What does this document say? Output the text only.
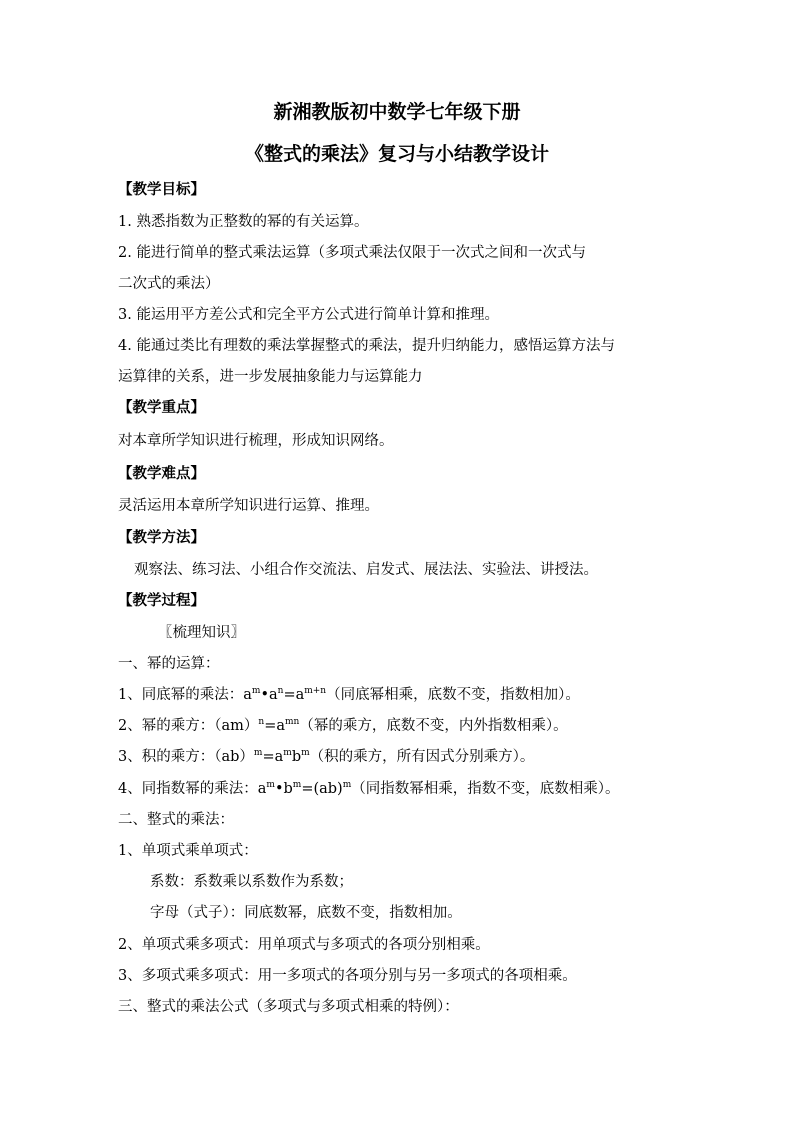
新湘教版初中数学七年级下册
《整式的乘法》复习与小结教学设计
【教学目标】
1. 熟悉指数为正整数的幂的有关运算。
2. 能进行简单的整式乘法运算（多项式乘法仅限于一次式之间和一次式与
二次式的乘法）
3. 能运用平方差公式和完全平方公式进行简单计算和推理。
4. 能通过类比有理数的乘法掌握整式的乘法，提升归纳能力，感悟运算方法与
运算律的关系，进一步发展抽象能力与运算能力
【教学重点】
对本章所学知识进行梳理，形成知识网络。
【教学难点】
灵活运用本章所学知识进行运算、推理。
【教学方法】
观察法、练习法、小组合作交流法、启发式、展法法、实验法、讲授法。
【教学过程】
〖梳理知识〗
一、幂的运算：
1、同底幂的乘法：$a^m•a^n=a^{m+n}$（同底幂相乘，底数不变，指数相加）。
2、幂的乘方：$(am)^n=a^{mn}$（幂的乘方，底数不变，内外指数相乘）。
3、积的乘方：$(ab)^m=a^mb^m$（积的乘方，所有因式分别乘方）。
4、同指数幂的乘法：$a^m•b^m=(ab)^m$（同指数幂相乘，指数不变，底数相乘）。
二、整式的乘法：
1、单项式乘单项式：
系数：系数乘以系数作为系数；
字母（式子）：同底数幂，底数不变，指数相加。
2、单项式乘多项式：用单项式与多项式的各项分别相乘。
3、多项式乘多项式：用一多项式的各项分别与另一多项式的各项相乘。
三、整式的乘法公式（多项式与多项式相乘的特例）：
